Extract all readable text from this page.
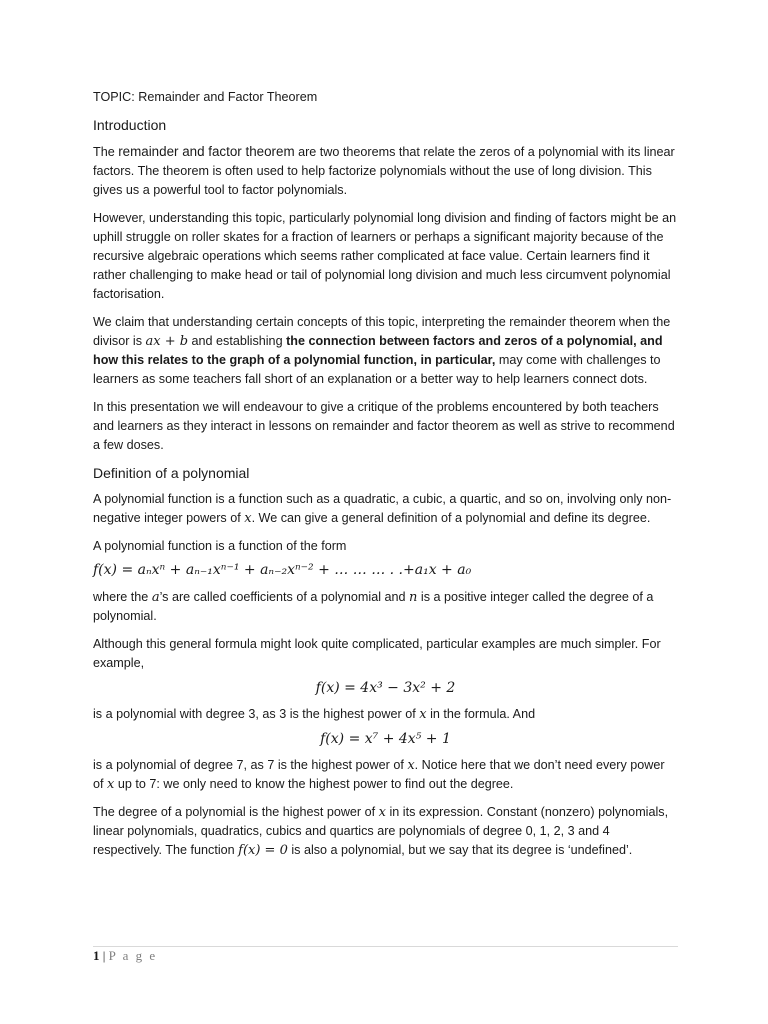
TOPIC: Remainder and Factor Theorem

Introduction

The remainder and factor theorem are two theorems that relate the zeros of a polynomial with its linear factors. The theorem is often used to help factorize polynomials without the use of long division. This gives us a powerful tool to factor polynomials.

However, understanding this topic, particularly polynomial long division and finding of factors might be an uphill struggle on roller skates for a fraction of learners or perhaps a significant majority because of the recursive algebraic operations which seems rather complicated at face value. Certain learners find it rather challenging to make head or tail of polynomial long division and much less circumvent polynomial factorisation.

We claim that understanding certain concepts of this topic, interpreting the remainder theorem when the divisor is ax + b and establishing the connection between factors and zeros of a polynomial, and how this relates to the graph of a polynomial function, in particular, may come with challenges to learners as some teachers fall short of an explanation or a better way to help learners connect dots.

In this presentation we will endeavour to give a critique of the problems encountered by both teachers and learners as they interact in lessons on remainder and factor theorem as well as strive to recommend a few doses.

Definition of a polynomial

A polynomial function is a function such as a quadratic, a cubic, a quartic, and so on, involving only non-negative integer powers of x. We can give a general definition of a polynomial and define its degree.

A polynomial function is a function of the form

f(x) = aₙxⁿ + aₙ₋₁xⁿ⁻¹ + aₙ₋₂xⁿ⁻² + … … … . .+a₁x + a₀

where the a’s are called coefficients of a polynomial and n is a positive integer called the degree of a polynomial.

Although this general formula might look quite complicated, particular examples are much simpler. For example,

f(x) = 4x³ − 3x² + 2

is a polynomial with degree 3, as 3 is the highest power of x in the formula. And

f(x) = x⁷ + 4x⁵ + 1

is a polynomial of degree 7, as 7 is the highest power of x. Notice here that we don’t need every power of x up to 7: we only need to know the highest power to find out the degree.

The degree of a polynomial is the highest power of x in its expression. Constant (nonzero) polynomials, linear polynomials, quadratics, cubics and quartics are polynomials of degree 0, 1, 2, 3 and 4 respectively. The function f(x) = 0 is also a polynomial, but we say that its degree is ‘undefined’.

1 | P a g e
